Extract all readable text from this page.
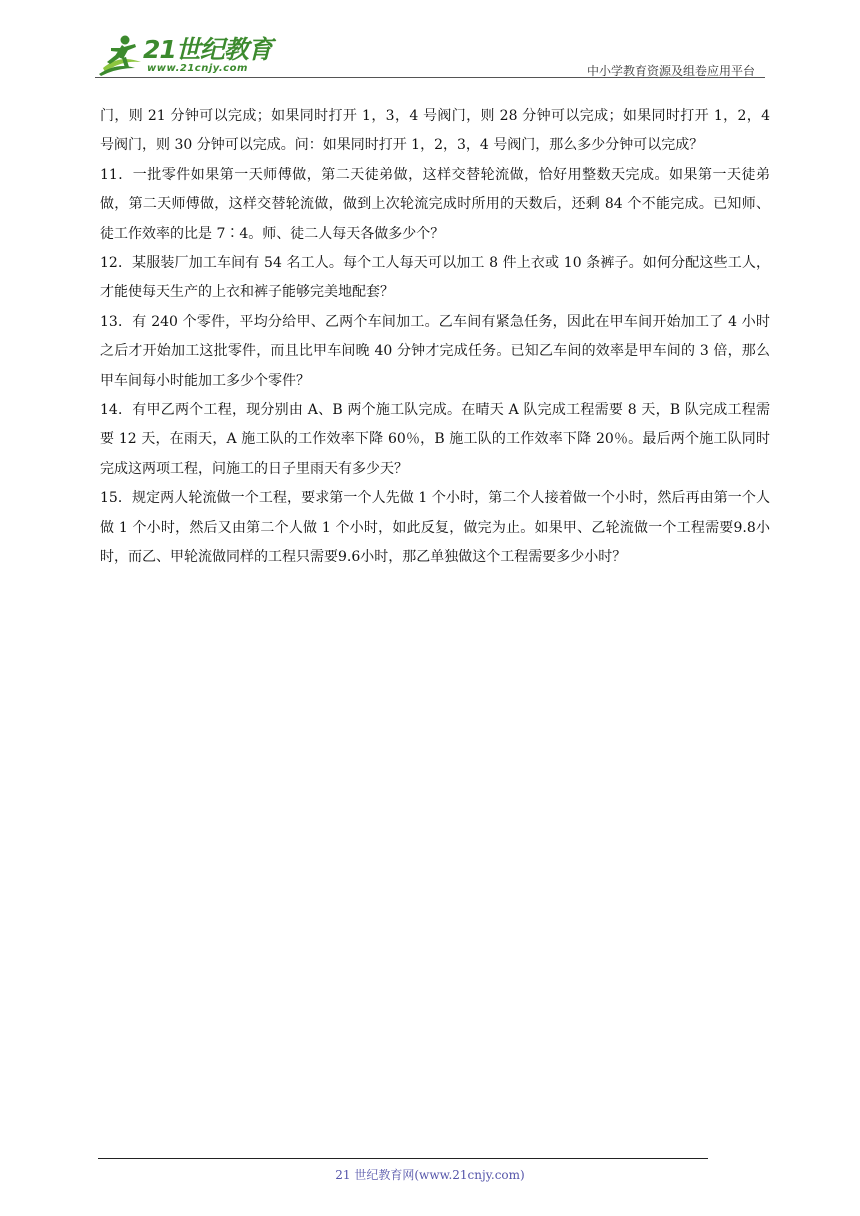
21世纪教育
www.21cnjy.com	中小学教育资源及组卷应用平台

门，则 21 分钟可以完成；如果同时打开 1，3，4 号阀门，则 28 分钟可以完成；如果同时打开 1，2，4 号阀门，则 30 分钟可以完成。问：如果同时打开 1，2，3，4 号阀门，那么多少分钟可以完成？

11．一批零件如果第一天师傅做，第二天徒弟做，这样交替轮流做，恰好用整数天完成。如果第一天徒弟做，第二天师傅做，这样交替轮流做，做到上次轮流完成时所用的天数后，还剩 84 个不能完成。已知师、徒工作效率的比是 7∶4。师、徒二人每天各做多少个？

12．某服装厂加工车间有 54 名工人。每个工人每天可以加工 8 件上衣或 10 条裤子。如何分配这些工人，才能使每天生产的上衣和裤子能够完美地配套？

13．有 240 个零件，平均分给甲、乙两个车间加工。乙车间有紧急任务，因此在甲车间开始加工了 4 小时之后才开始加工这批零件，而且比甲车间晚 40 分钟才完成任务。已知乙车间的效率是甲车间的 3 倍，那么甲车间每小时能加工多少个零件？

14．有甲乙两个工程，现分别由 A、B 两个施工队完成。在晴天 A 队完成工程需要 8 天，B 队完成工程需要 12 天，在雨天，A 施工队的工作效率下降 60％，B 施工队的工作效率下降 20％。最后两个施工队同时完成这两项工程，问施工的日子里雨天有多少天？

15．规定两人轮流做一个工程，要求第一个人先做 1 个小时，第二个人接着做一个小时，然后再由第一个人做 1 个小时，然后又由第二个人做 1 个小时，如此反复，做完为止。如果甲、乙轮流做一个工程需要9.8小时，而乙、甲轮流做同样的工程只需要9.6小时，那乙单独做这个工程需要多少小时？

21 世纪教育网(www.21cnjy.com)
